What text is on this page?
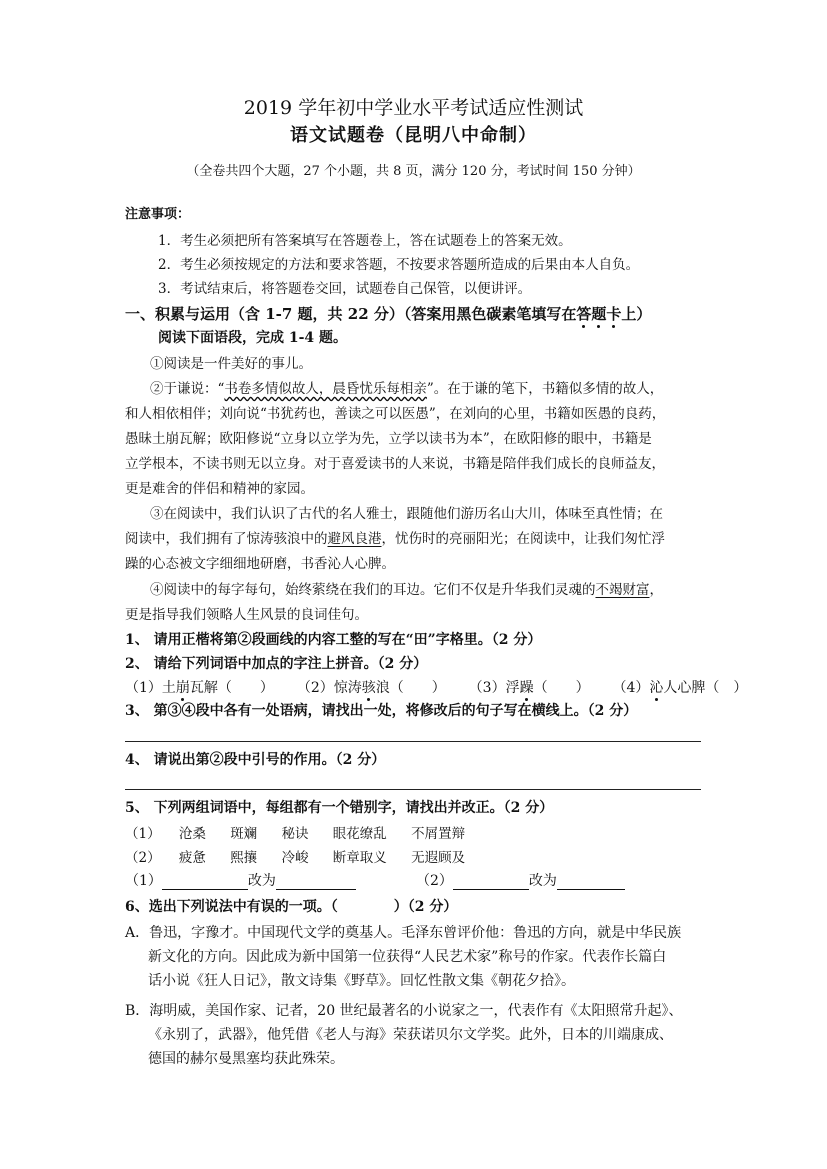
2019 学年初中学业水平考试适应性测试
语文试题卷（昆明八中命制）
（全卷共四个大题，27 个小题，共 8 页，满分 120 分，考试时间 150 分钟）
注意事项：
1．考生必须把所有答案填写在答题卷上，答在试题卷上的答案无效。
2．考生必须按规定的方法和要求答题，不按要求答题所造成的后果由本人自负。
3．考试结束后，将答题卷交回，试题卷自己保管，以便讲评。
一、积累与运用（含 1-7 题，共 22 分）（答案用黑色碳素笔填写在答题卡上）
阅读下面语段，完成 1-4 题。
①阅读是一件美好的事儿。
②于谦说：“书卷多情似故人，晨昏忧乐每相亲”。在于谦的笔下，书籍似多情的故人，
和人相依相伴；刘向说“书犹药也，善读之可以医愚”，在刘向的心里，书籍如医愚的良药，
愚昧土崩瓦解；欧阳修说“立身以立学为先，立学以读书为本”，在欧阳修的眼中，书籍是
立学根本，不读书则无以立身。对于喜爱读书的人来说，书籍是陪伴我们成长的良师益友，
更是难舍的伴侣和精神的家园。
③在阅读中，我们认识了古代的名人雅士，跟随他们游历名山大川，体味至真性情；在
阅读中，我们拥有了惊涛骇浪中的避风良港，忧伤时的亮丽阳光；在阅读中，让我们匆忙浮
躁的心态被文字细细地研磨，书香沁人心脾。
④阅读中的每字每句，始终萦绕在我们的耳边。它们不仅是升华我们灵魂的不竭财富，
更是指导我们领略人生风景的良词佳句。
1、 请用正楷将第②段画线的内容工整的写在“田”字格里。（2 分）
2、 请给下列词语中加点的字注上拼音。（2 分）
（1）土崩瓦解（　　） （2）惊涛骇浪（　　） （3）浮躁（　　） （4）沁人心脾（　）
3、 第③④段中各有一处语病，请找出一处，将修改后的句子写在横线上。（2 分）
4、 请说出第②段中引号的作用。（2 分）
5、 下列两组词语中，每组都有一个错别字，请找出并改正。（2 分）
（1） 沧桑 斑斓 秘诀 眼花缭乱 不屑置辩
（2） 疲惫 熙攘 冷峻 断章取义 无遐顾及
（1）	改为	（2）	改为
6、选出下列说法中有误的一项。（　　　　）（2 分）
A．鲁迅，字豫才。中国现代文学的奠基人。毛泽东曾评价他：鲁迅的方向，就是中华民族
新文化的方向。因此成为新中国第一位获得“人民艺术家”称号的作家。代表作长篇白
话小说《狂人日记》，散文诗集《野草》。回忆性散文集《朝花夕拾》。
B．海明威，美国作家、记者，20 世纪最著名的小说家之一，代表作有《太阳照常升起》、
《永别了，武器》，他凭借《老人与海》荣获诺贝尔文学奖。此外，日本的川端康成、
德国的赫尔曼黑塞均获此殊荣。
